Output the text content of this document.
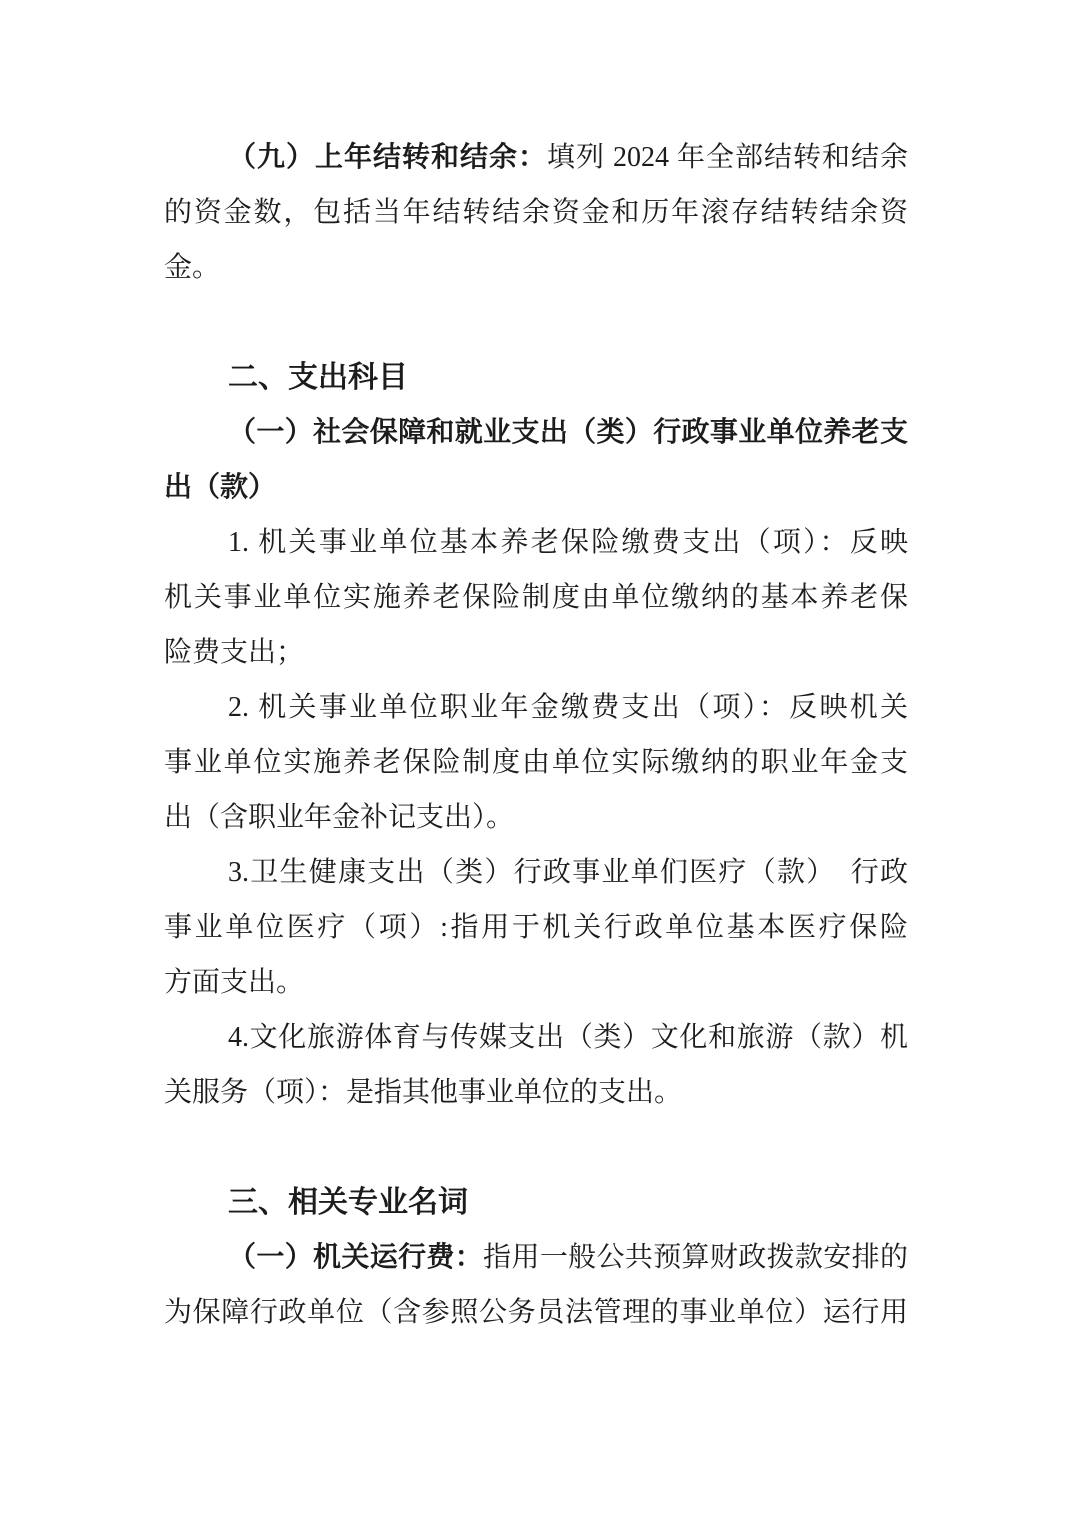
（九）上年结转和结余：填列 2024 年全部结转和结余
的资金数，包括当年结转结余资金和历年滚存结转结余资
金。
二、支出科目
（一）社会保障和就业支出（类）行政事业单位养老支
出（款）
1. 机关事业单位基本养老保险缴费支出（项）：反映
机关事业单位实施养老保险制度由单位缴纳的基本养老保
险费支出；
2. 机关事业单位职业年金缴费支出（项）：反映机关
事业单位实施养老保险制度由单位实际缴纳的职业年金支
出（含职业年金补记支出）。
3.卫生健康支出（类）行政事业单们医疗（款）　行政
事业单位医疗（项）:指用于机关行政单位基本医疗保险
方面支出。
4.文化旅游体育与传媒支出（类）文化和旅游（款）机
关服务（项）：是指其他事业单位的支出。
三、相关专业名词
（一）机关运行费：指用一般公共预算财政拨款安排的
为保障行政单位（含参照公务员法管理的事业单位）运行用
